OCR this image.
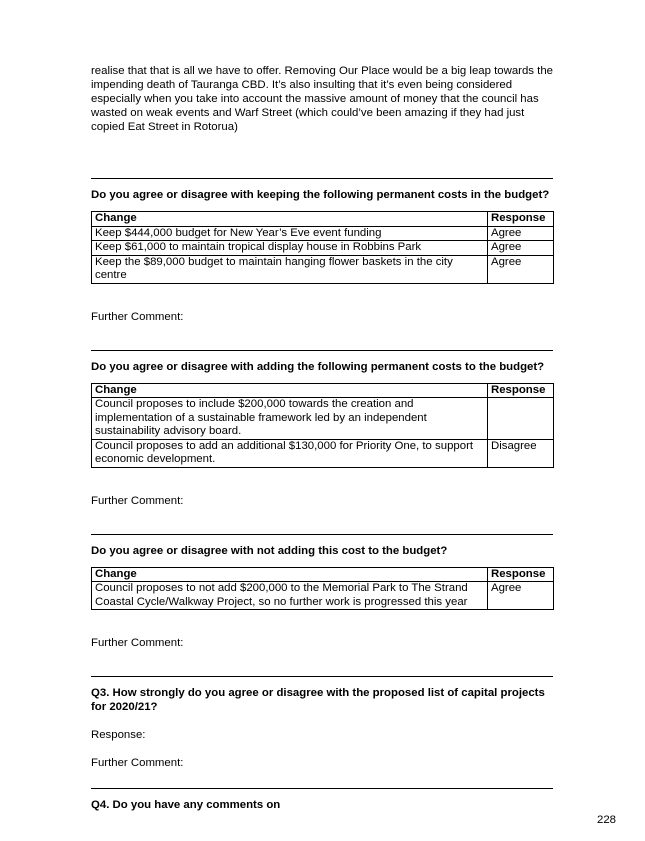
realise that that is all we have to offer. Removing Our Place would be a big leap towards the impending death of Tauranga CBD. It’s also insulting that it’s even being considered especially when you take into account the massive amount of money that the council has wasted on weak events and Warf Street (which could’ve been amazing if they had just copied Eat Street in Rotorua)

Do you agree or disagree with keeping the following permanent costs in the budget?

Change	Response
Keep $444,000 budget for New Year’s Eve event funding	Agree
Keep $61,000 to maintain tropical display house in Robbins Park	Agree
Keep the $89,000 budget to maintain hanging flower baskets in the city centre	Agree

Further Comment:

Do you agree or disagree with adding the following permanent costs to the budget?

Change	Response
Council proposes to include $200,000 towards the creation and implementation of a sustainable framework led by an independent sustainability advisory board.	
Council proposes to add an additional $130,000 for Priority One, to support economic development.	Disagree

Further Comment:

Do you agree or disagree with not adding this cost to the budget?

Change	Response
Council proposes to not add $200,000 to the Memorial Park to The Strand Coastal Cycle/Walkway Project, so no further work is progressed this year	Agree

Further Comment:

Q3. How strongly do you agree or disagree with the proposed list of capital projects for 2020/21?

Response:

Further Comment:

Q4. Do you have any comments on

228
